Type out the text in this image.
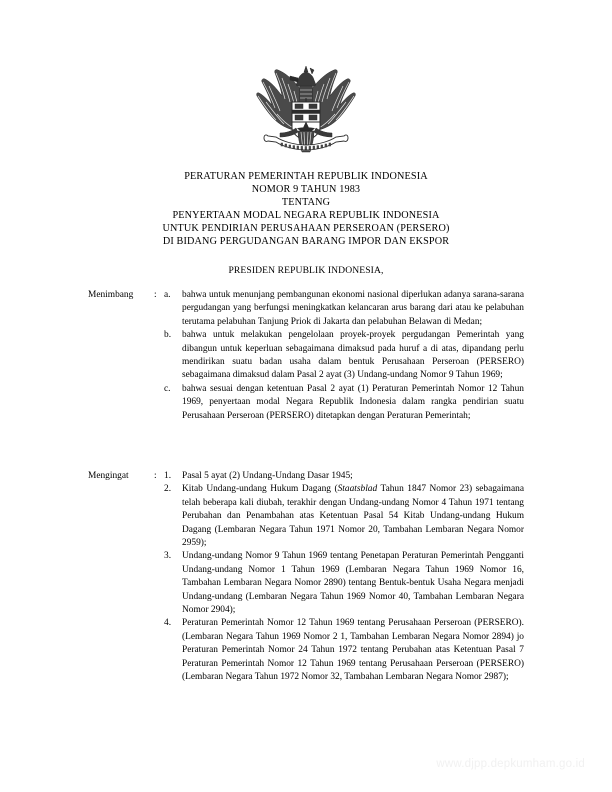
PERATURAN PEMERINTAH REPUBLIK INDONESIA
NOMOR 9 TAHUN 1983
TENTANG
PENYERTAAN MODAL NEGARA REPUBLIK INDONESIA
UNTUK PENDIRIAN PERUSAHAAN PERSEROAN (PERSERO)
DI BIDANG PERGUDANGAN BARANG IMPOR DAN EKSPOR
PRESIDEN REPUBLIK INDONESIA,
Menimbang	: a.	bahwa untuk menunjang pembangunan ekonomi nasional diperlukan adanya sarana-sarana pergudangan yang berfungsi meningkatkan kelancaran arus barang dari atau ke pelabuhan terutama pelabuhan Tanjung Priok di Jakarta dan pelabuhan Belawan di Medan;
b.	bahwa untuk melakukan pengelolaan proyek-proyek pergudangan Pemerintah yang dibangun untuk keperluan sebagaimana dimaksud pada huruf a di atas, dipandang perlu mendirikan suatu badan usaha dalam bentuk Perusahaan Perseroan (PERSERO) sebagaimana dimaksud dalam Pasal 2 ayat (3) Undang-undang Nomor 9 Tahun 1969;
c.	bahwa sesuai dengan ketentuan Pasal 2 ayat (1) Peraturan Pemerintah Nomor 12 Tahun 1969, penyertaan modal Negara Republik Indonesia dalam rangka pendirian suatu Perusahaan Perseroan (PERSERO) ditetapkan dengan Peraturan Pemerintah;
Mengingat	: 1.	Pasal 5 ayat (2) Undang-Undang Dasar 1945;
2.	Kitab Undang-undang Hukum Dagang (Staatsblad Tahun 1847 Nomor 23) sebagaimana telah beberapa kali diubah, terakhir dengan Undang-undang Nomor 4 Tahun 1971 tentang Perubahan dan Penambahan atas Ketentuan Pasal 54 Kitab Undang-undang Hukum Dagang (Lembaran Negara Tahun 1971 Nomor 20, Tambahan Lembaran Negara Nomor 2959);
3.	Undang-undang Nomor 9 Tahun 1969 tentang Penetapan Peraturan Pemerintah Pengganti Undang-undang Nomor 1 Tahun 1969 (Lembaran Negara Tahun 1969 Nomor 16, Tambahan Lembaran Negara Nomor 2890) tentang Bentuk-bentuk Usaha Negara menjadi Undang-undang (Lembaran Negara Tahun 1969 Nomor 40, Tambahan Lembaran Negara Nomor 2904);
4.	Peraturan Pemerintah Nomor 12 Tahun 1969 tentang Perusahaan Perseroan (PERSERO). (Lembaran Negara Tahun 1969 Nomor 2 1, Tambahan Lembaran Negara Nomor 2894) jo Peraturan Pemerintah Nomor 24 Tahun 1972 tentang Perubahan atas Ketentuan Pasal 7 Peraturan Pemerintah Nomor 12 Tahun 1969 tentang Perusahaan Perseroan (PERSERO) (Lembaran Negara Tahun 1972 Nomor 32, Tambahan Lembaran Negara Nomor 2987);
www.djpp.depkumham.go.id
